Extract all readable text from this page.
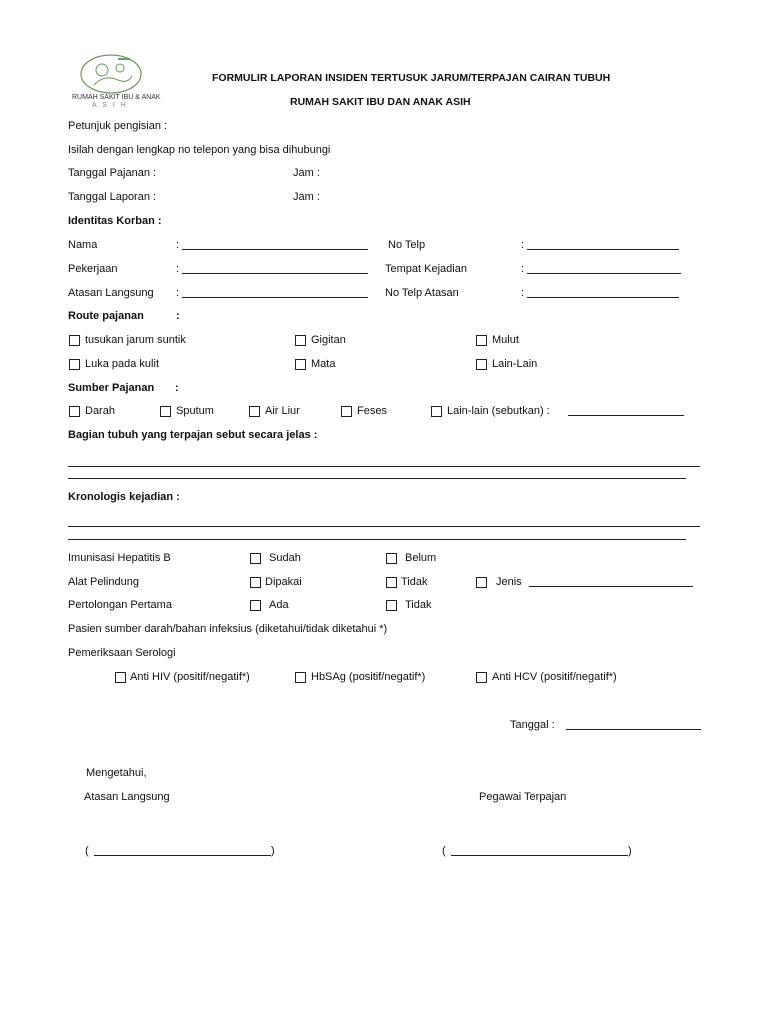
RUMAH SAKIT IBU & ANAK
A S I H
FORMULIR LAPORAN INSIDEN TERTUSUK JARUM/TERPAJAN CAIRAN TUBUH
RUMAH SAKIT IBU DAN ANAK ASIH
Petunjuk pengisian :
Isilah dengan lengkap no telepon yang bisa dihubungi
Tanggal Pajanan :	Jam :
Tanggal Laporan :	Jam :
Identitas Korban :
Nama	:	No Telp	:
Pekerjaan	:	Tempat Kejadian	:
Atasan Langsung :	No Telp Atasan	:
Route pajanan	:
tusukan jarum suntik	Gigitan	Mulut
Luka pada kulit	Mata	Lain-Lain
Sumber Pajanan :
Darah	Sputum	Air Liur	Feses	Lain-lain (sebutkan) :
Bagian tubuh yang terpajan sebut secara jelas :
Kronologis kejadian :
Imunisasi Hepatitis B	Sudah	Belum
Alat Pelindung	Dipakai	Tidak	Jenis
Pertolongan Pertama	Ada	Tidak
Pasien sumber darah/bahan infeksius (diketahui/tidak diketahui *)
Pemeriksaan Serologi
Anti HIV (positif/negatif*)	HbSAg (positif/negatif*)	Anti HCV (positif/negatif*)
Tanggal :
Mengetahui,
Atasan Langsung	Pegawai Terpajan
(	)	(	)
